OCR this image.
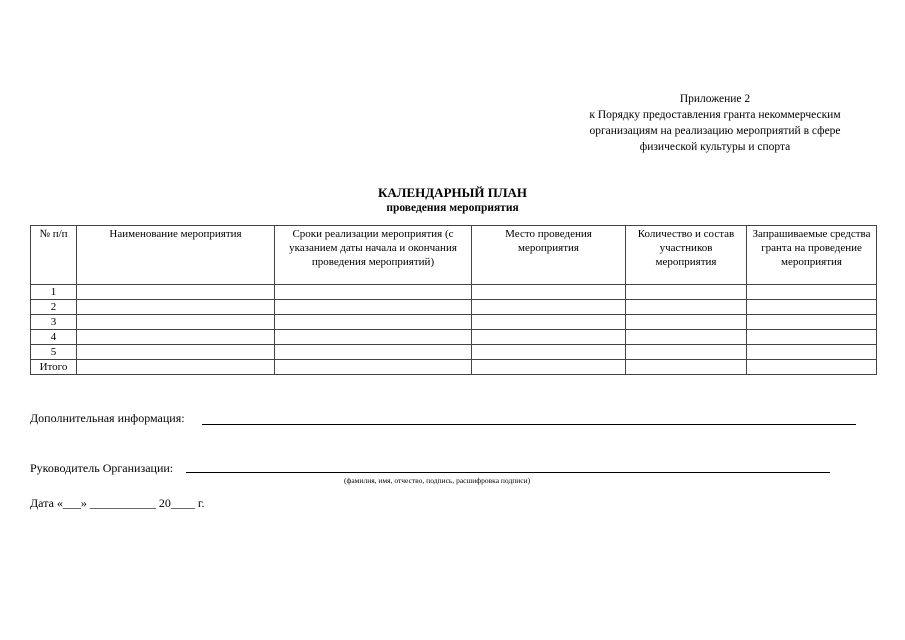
Приложение 2
к Порядку предоставления гранта некоммерческим
организациям на реализацию мероприятий в сфере
физической культуры и спорта
КАЛЕНДАРНЫЙ ПЛАН
проведения мероприятия
№ п/п	Наименование мероприятия	Сроки реализации мероприятия (с указанием даты начала и окончания проведения мероприятий)	Место проведения мероприятия	Количество и состав участников мероприятия	Запрашиваемые средства гранта на проведение мероприятия
1					
2					
3					
4					
5					
Итого					
Дополнительная информация:
Руководитель Организации:
(фамилия, имя, отчество, подпись, расшифровка подписи)
Дата «___» ___________ 20____ г.
